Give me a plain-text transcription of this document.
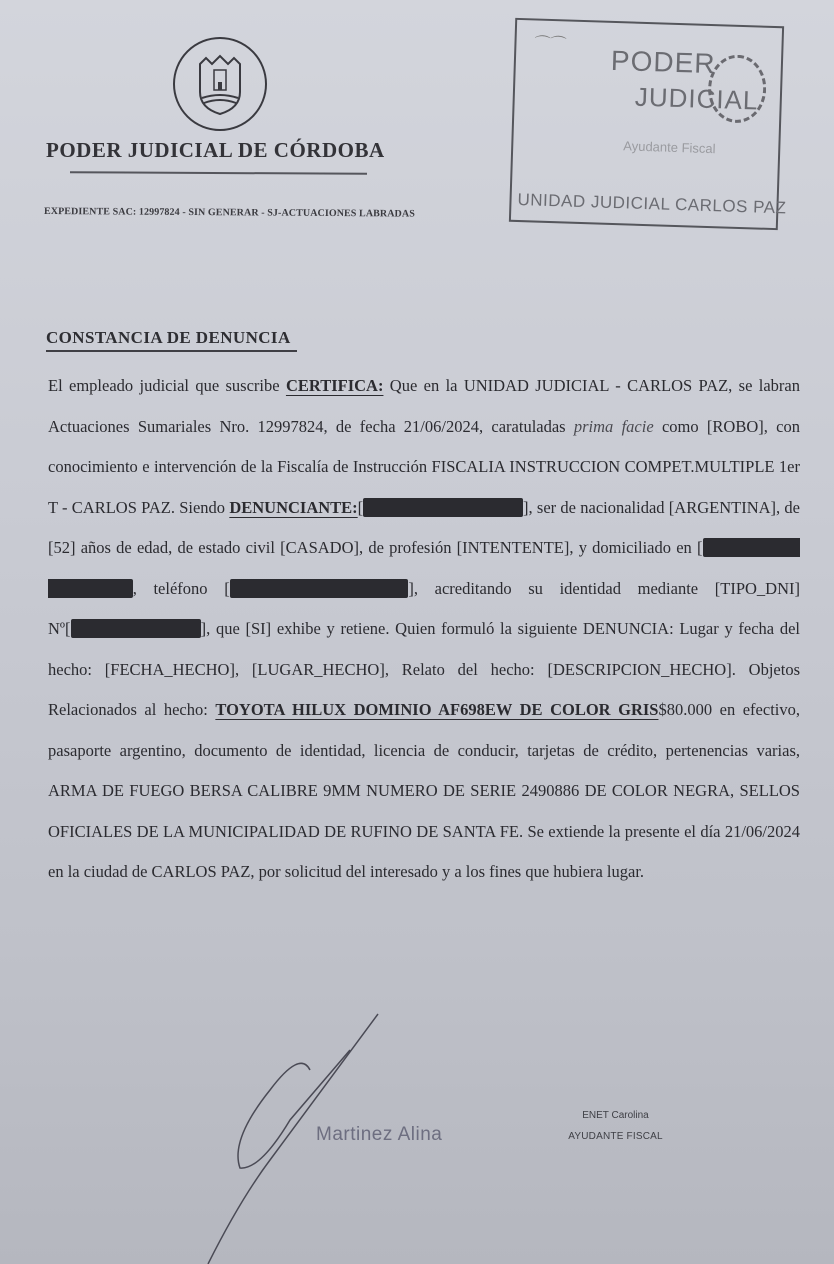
PODER JUDICIAL DE CÓRDOBA
EXPEDIENTE SAC: 12997824 - SIN GENERAR - SJ-ACTUACIONES LABRADAS
⌒⌒
PODER
JUDICIAL
Ayudante Fiscal
UNIDAD JUDICIAL CARLOS PAZ
CONSTANCIA DE DENUNCIA
El empleado judicial que suscribe CERTIFICA: Que en la UNIDAD JUDICIAL - CARLOS PAZ, se labran Actuaciones Sumariales Nro. 12997824, de fecha 21/06/2024, caratuladas prima facie como [ROBO], con conocimiento e intervención de la Fiscalía de Instrucción FISCALIA INSTRUCCION COMPET.MULTIPLE 1er T - CARLOS PAZ. Siendo DENUNCIANTE:[	], ser de nacionalidad [ARGENTINA], de [52] años de edad, de estado civil [CASADO], de profesión [INTENTENTE], y domiciliado en [, teléfono [	], acreditando su identidad mediante [TIPO_DNI] Nº[	], que [SI] exhibe y retiene. Quien formuló la siguiente DENUNCIA: Lugar y fecha del hecho: [FECHA_HECHO], [LUGAR_HECHO], Relato del hecho: [DESCRIPCION_HECHO]. Objetos Relacionados al hecho: TOYOTA HILUX DOMINIO AF698EW DE COLOR GRIS$80.000 en efectivo, pasaporte argentino, documento de identidad, licencia de conducir, tarjetas de crédito, pertenencias varias, ARMA DE FUEGO BERSA CALIBRE 9MM NUMERO DE SERIE 2490886 DE COLOR NEGRA, SELLOS OFICIALES DE LA MUNICIPALIDAD DE RUFINO DE SANTA FE. Se extiende la presente el día 21/06/2024 en la ciudad de CARLOS PAZ, por solicitud del interesado y a los fines que hubiera lugar.
Martinez Alina
ENET Carolina
AYUDANTE FISCAL
